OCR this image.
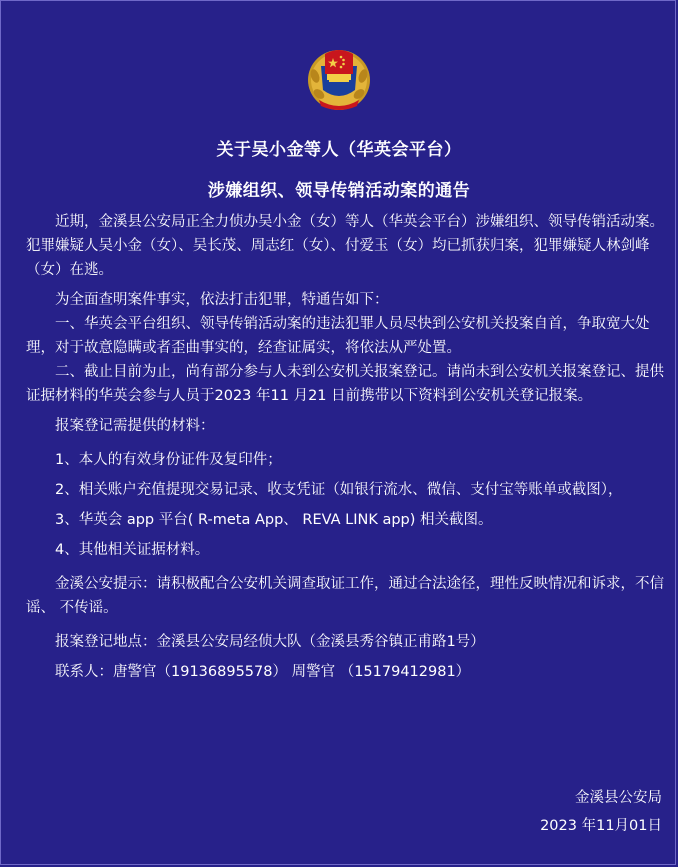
关于吴小金等人（华英会平台）
涉嫌组织、领导传销活动案的通告

近期，金溪县公安局正全力侦办吴小金（女）等人（华英会平台）涉嫌组织、领导传销活动案。犯罪嫌疑人吴小金（女）、吴长茂、周志红（女）、付爱玉（女）均已抓获归案，犯罪嫌疑人林剑峰（女）在逃。

为全面查明案件事实，依法打击犯罪，特通告如下：

一、华英会平台组织、领导传销活动案的违法犯罪人员尽快到公安机关投案自首，争取宽大处理，对于故意隐瞒或者歪曲事实的，经查证属实，将依法从严处置。

二、截止目前为止，尚有部分参与人未到公安机关报案登记。请尚未到公安机关报案登记、提供证据材料的华英会参与人员于2023 年11 月21 日前携带以下资料到公安机关登记报案。

报案登记需提供的材料：

1、本人的有效身份证件及复印件；

2、相关账户充值提现交易记录、收支凭证（如银行流水、微信、支付宝等账单或截图），

3、华英会 app 平台( R-meta App、 REVA LINK app) 相关截图。

4、其他相关证据材料。

金溪公安提示：请积极配合公安机关调查取证工作，通过合法途径，理性反映情况和诉求，不信谣、 不传谣。

报案登记地点：金溪县公安局经侦大队（金溪县秀谷镇正甫路1号）

联系人：唐警官（19136895578） 周警官 （15179412981）

金溪县公安局
2023 年11月01日
